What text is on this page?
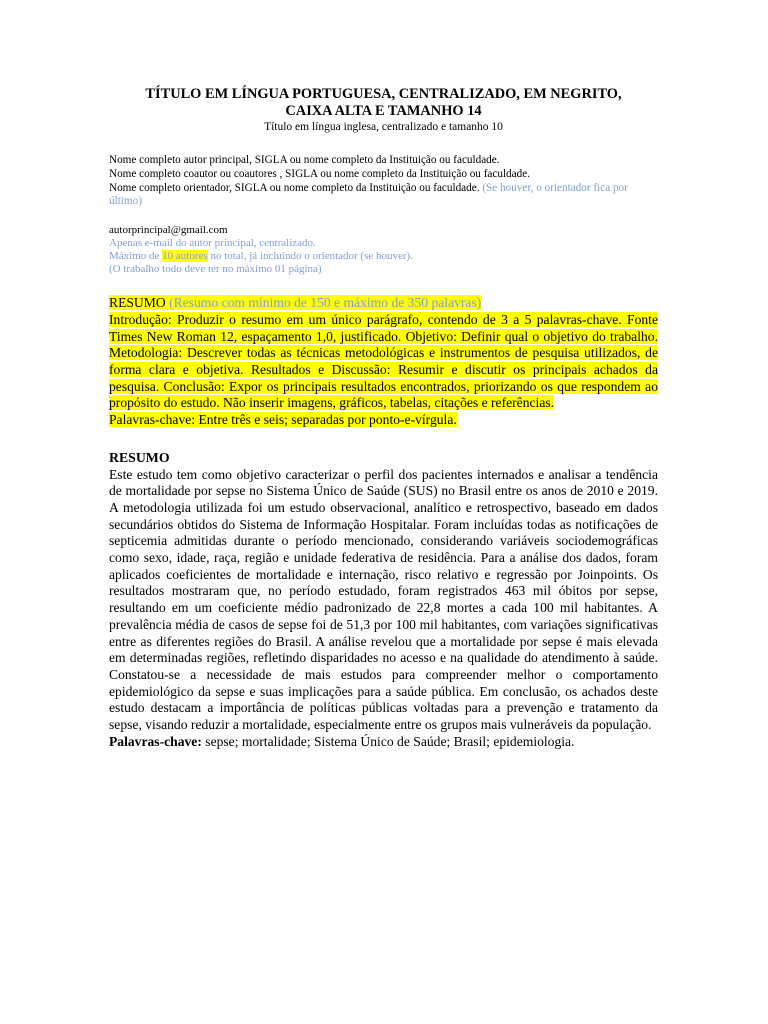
TÍTULO EM LÍNGUA PORTUGUESA, CENTRALIZADO, EM NEGRITO,

CAIXA ALTA E TAMANHO 14

Título em língua inglesa, centralizado e tamanho 10

Nome completo autor principal, SIGLA ou nome completo da Instituição ou faculdade.

Nome completo coautor ou coautores , SIGLA ou nome completo da Instituição ou faculdade.

Nome completo orientador, SIGLA ou nome completo da Instituição ou faculdade. (Se houver, o orientador fica por último)

autorprincipal@gmail.com

Apenas e-mail do autor principal, centralizado.

Máximo de 10 autores no total, já incluindo o orientador (se houver).

(O trabalho todo deve ter no máximo 01 página)

RESUMO (Resumo com mínimo de 150 e máximo de 350 palavras)

Introdução: Produzir o resumo em um único parágrafo, contendo de 3 a 5 palavras-chave. Fonte Times New Roman 12, espaçamento 1,0, justificado. Objetivo: Definir qual o objetivo do trabalho. Metodologia: Descrever todas as técnicas metodológicas e instrumentos de pesquisa utilizados, de forma clara e objetiva. Resultados e Discussão: Resumir e discutir os principais achados da pesquisa. Conclusão: Expor os principais resultados encontrados, priorizando os que respondem ao propósito do estudo. Não inserir imagens, gráficos, tabelas, citações e referências.

Palavras-chave: Entre três e seis; separadas por ponto-e-vírgula.

RESUMO

Este estudo tem como objetivo caracterizar o perfil dos pacientes internados e analisar a tendência de mortalidade por sepse no Sistema Único de Saúde (SUS) no Brasil entre os anos de 2010 e 2019. A metodologia utilizada foi um estudo observacional, analítico e retrospectivo, baseado em dados secundários obtidos do Sistema de Informação Hospitalar. Foram incluídas todas as notificações de septicemia admitidas durante o período mencionado, considerando variáveis sociodemográficas como sexo, idade, raça, região e unidade federativa de residência. Para a análise dos dados, foram aplicados coeficientes de mortalidade e internação, risco relativo e regressão por Joinpoints. Os resultados mostraram que, no período estudado, foram registrados 463 mil óbitos por sepse, resultando em um coeficiente médio padronizado de 22,8 mortes a cada 100 mil habitantes. A prevalência média de casos de sepse foi de 51,3 por 100 mil habitantes, com variações significativas entre as diferentes regiões do Brasil. A análise revelou que a mortalidade por sepse é mais elevada em determinadas regiões, refletindo disparidades no acesso e na qualidade do atendimento à saúde. Constatou-se a necessidade de mais estudos para compreender melhor o comportamento epidemiológico da sepse e suas implicações para a saúde pública. Em conclusão, os achados deste estudo destacam a importância de políticas públicas voltadas para a prevenção e tratamento da sepse, visando reduzir a mortalidade, especialmente entre os grupos mais vulneráveis da população.

Palavras-chave: sepse; mortalidade; Sistema Único de Saúde; Brasil; epidemiologia.
